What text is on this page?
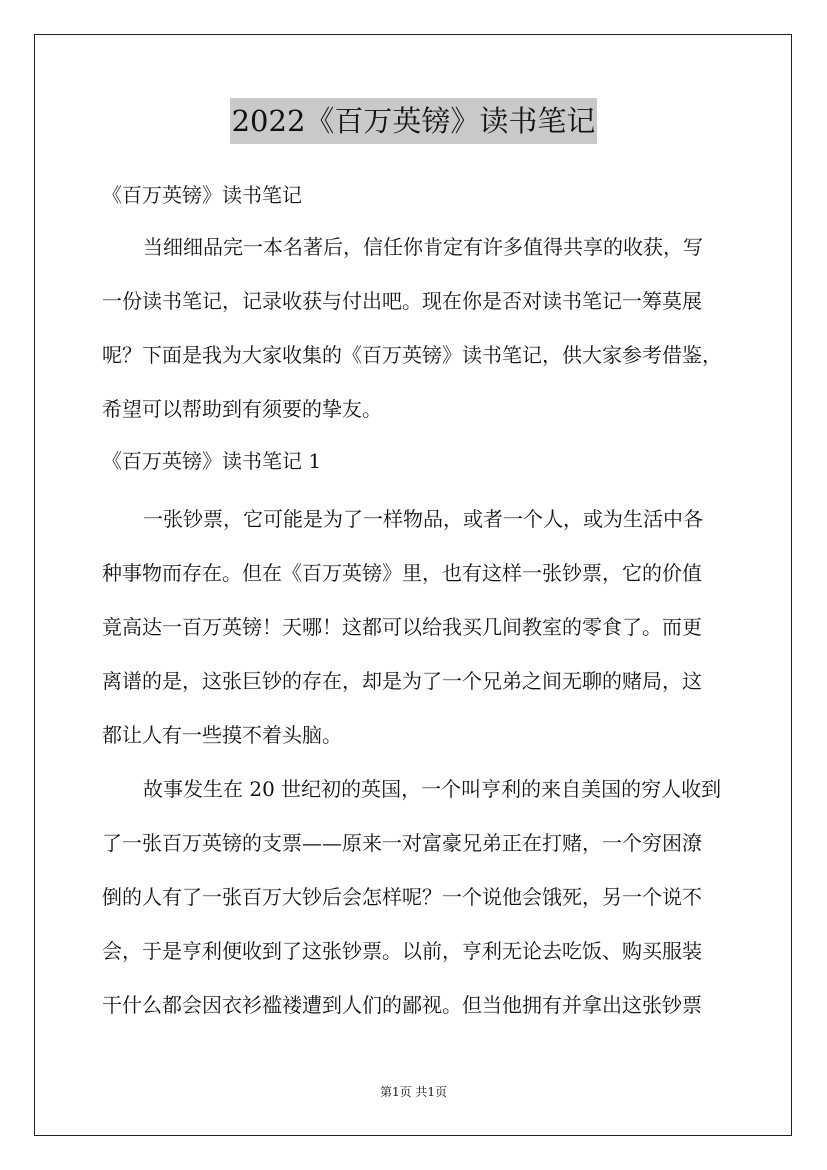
2022《百万英镑》读书笔记
《百万英镑》读书笔记
当细细品完一本名著后，信任你肯定有许多值得共享的收获，写
一份读书笔记，记录收获与付出吧。现在你是否对读书笔记一筹莫展
呢？下面是我为大家收集的《百万英镑》读书笔记，供大家参考借鉴，
希望可以帮助到有须要的挚友。
《百万英镑》读书笔记 1
一张钞票，它可能是为了一样物品，或者一个人，或为生活中各
种事物而存在。但在《百万英镑》里，也有这样一张钞票，它的价值
竟高达一百万英镑！天哪！这都可以给我买几间教室的零食了。而更
离谱的是，这张巨钞的存在，却是为了一个兄弟之间无聊的赌局，这
都让人有一些摸不着头脑。
故事发生在 20 世纪初的英国，一个叫亨利的来自美国的穷人收到
了一张百万英镑的支票——原来一对富豪兄弟正在打赌，一个穷困潦
倒的人有了一张百万大钞后会怎样呢？一个说他会饿死，另一个说不
会，于是亨利便收到了这张钞票。以前，亨利无论去吃饭、购买服装
干什么都会因衣衫褴褛遭到人们的鄙视。但当他拥有并拿出这张钞票
第1页 共1页
